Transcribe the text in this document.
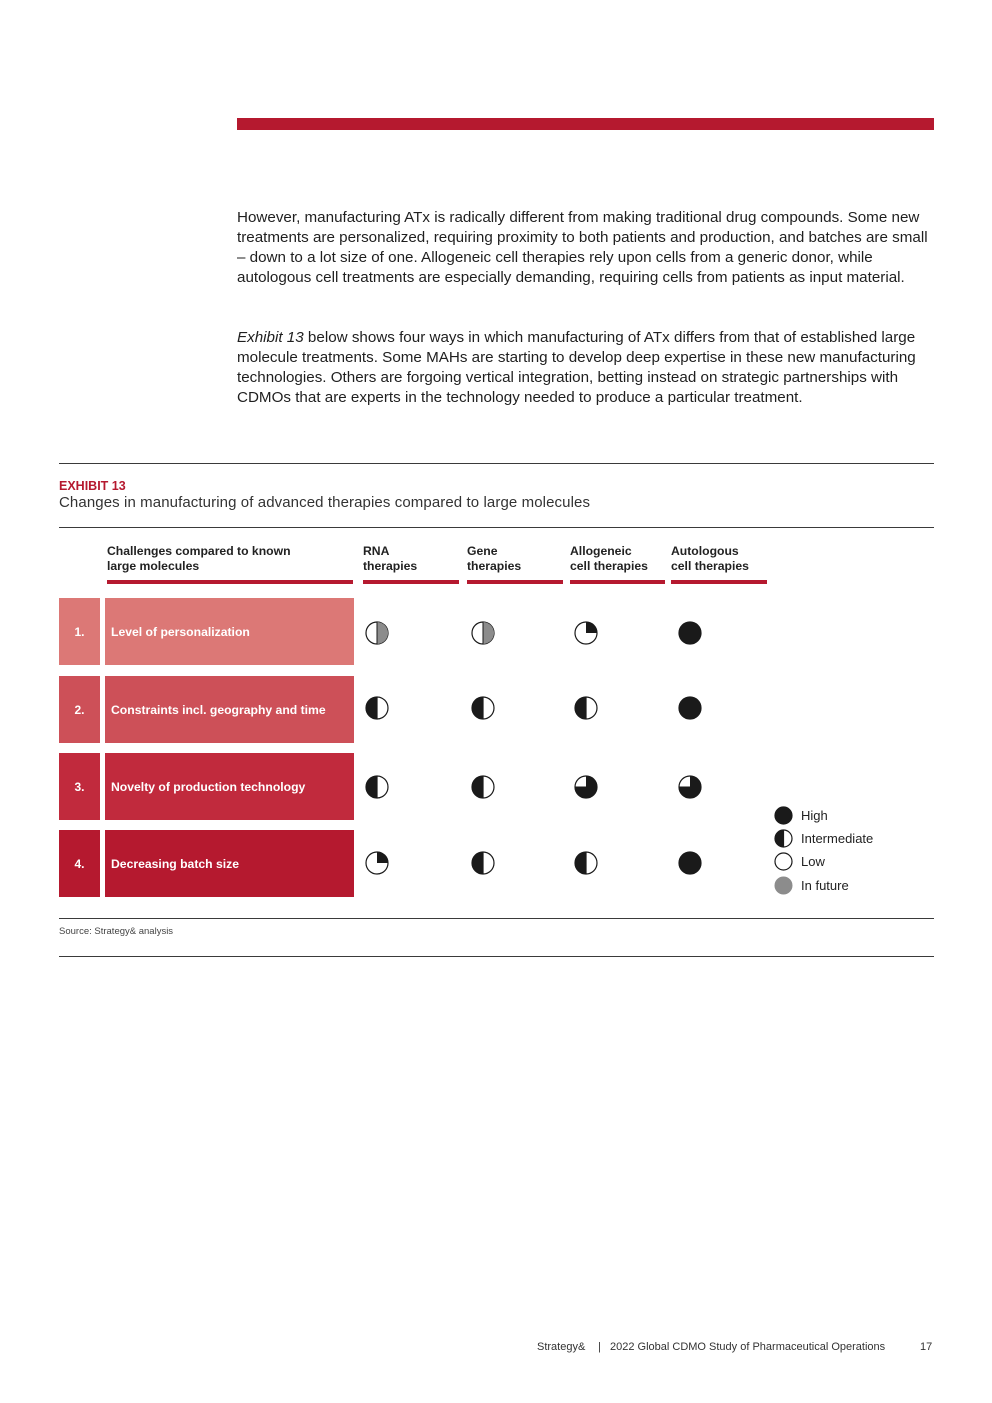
However, manufacturing ATx is radically different from making traditional drug compounds. Some new treatments are personalized, requiring proximity to both patients and production, and batches are small – down to a lot size of one. Allogeneic cell therapies rely upon cells from a generic donor, while autologous cell treatments are especially demanding, requiring cells from patients as input material.

Exhibit 13 below shows four ways in which manufacturing of ATx differs from that of established large molecule treatments. Some MAHs are starting to develop deep expertise in these new manufacturing technologies. Others are forgoing vertical integration, betting instead on strategic partnerships with CDMOs that are experts in the technology needed to produce a particular treatment.

EXHIBIT 13
Changes in manufacturing of advanced therapies compared to large molecules
Challenges compared to known
large molecules
RNA
therapies
Gene
therapies
Allogeneic
cell therapies
Autologous
cell therapies
1.	Level of personalization
2.	Constraints incl. geography and time
3.	Novelty of production technology
4.	Decreasing batch size
High
Intermediate
Low
In future
Source: Strategy& analysis
Strategy& | 2022 Global CDMO Study of Pharmaceutical Operations	17
